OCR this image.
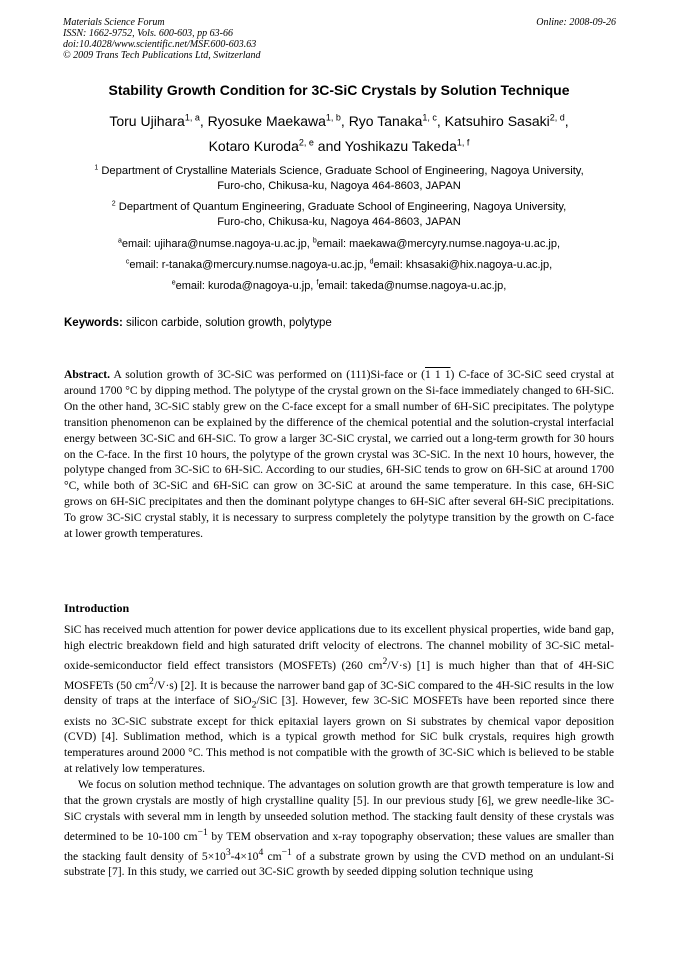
Materials Science Forum
ISSN: 1662-9752, Vols. 600-603, pp 63-66
doi:10.4028/www.scientific.net/MSF.600-603.63
© 2009 Trans Tech Publications Ltd, Switzerland
Online: 2008-09-26
Stability Growth Condition for 3C-SiC Crystals by Solution Technique
Toru Ujihara$^{1, a}$, Ryosuke Maekawa$^{1, b}$, Ryo Tanaka$^{1, c}$, Katsuhiro Sasaki$^{2, d}$,
Kotaro Kuroda$^{2, e}$ and Yoshikazu Takeda$^{1, f}$
$^1$ Department of Crystalline Materials Science, Graduate School of Engineering, Nagoya University,
Furo-cho, Chikusa-ku, Nagoya 464-8603, JAPAN
$^2$ Department of Quantum Engineering, Graduate School of Engineering, Nagoya University,
Furo-cho, Chikusa-ku, Nagoya 464-8603, JAPAN
$^a$email: ujihara@numse.nagoya-u.ac.jp, $^b$email: maekawa@mercyry.numse.nagoya-u.ac.jp,
$^c$email: r-tanaka@mercury.numse.nagoya-u.ac.jp, $^d$email: khsasaki@hix.nagoya-u.ac.jp,
$^e$email: kuroda@nagoya-u.jp, $^f$email: takeda@numse.nagoya-u.ac.jp,
Keywords: silicon carbide, solution growth, polytype
Abstract. A solution growth of 3C-SiC was performed on (111)Si-face or (1 1 1) C-face of 3C-SiC seed crystal at around 1700 °C by dipping method. The polytype of the crystal grown on the Si-face immediately changed to 6H-SiC. On the other hand, 3C-SiC stably grew on the C-face except for a small number of 6H-SiC precipitates. The polytype transition phenomenon can be explained by the difference of the chemical potential and the solution-crystal interfacial energy between 3C-SiC and 6H-SiC. To grow a larger 3C-SiC crystal, we carried out a long-term growth for 30 hours on the C-face. In the first 10 hours, the polytype of the grown crystal was 3C-SiC. In the next 10 hours, however, the polytype changed from 3C-SiC to 6H-SiC. According to our studies, 6H-SiC tends to grow on 6H-SiC at around 1700 °C, while both of 3C-SiC and 6H-SiC can grow on 3C-SiC at around the same temperature. In this case, 6H-SiC grows on 6H-SiC precipitates and then the dominant polytype changes to 6H-SiC after several 6H-SiC precipitations. To grow 3C-SiC crystal stably, it is necessary to surpress completely the polytype transition by the growth on C-face at lower growth temperatures.
Introduction
SiC has received much attention for power device applications due to its excellent physical properties, wide band gap, high electric breakdown field and high saturated drift velocity of electrons. The channel mobility of 3C-SiC metal-oxide-semiconductor field effect transistors (MOSFETs) (260 $cm^2/V\cdot s$) [1] is much higher than that of 4H-SiC MOSFETs (50 $cm^2/V\cdot s$) [2]. It is because the narrower band gap of 3C-SiC compared to the 4H-SiC results in the low density of traps at the interface of SiO$_2$/SiC [3]. However, few 3C-SiC MOSFETs have been reported since there exists no 3C-SiC substrate except for thick epitaxial layers grown on Si substrates by chemical vapor deposition (CVD) [4]. Sublimation method, which is a typical growth method for SiC bulk crystals, requires high growth temperatures around 2000 °C. This method is not compatible with the growth of 3C-SiC which is believed to be stable at relatively low temperatures.
We focus on solution method technique. The advantages on solution growth are that growth temperature is low and that the grown crystals are mostly of high crystalline quality [5]. In our previous study [6], we grew needle-like 3C-SiC crystals with several mm in length by unseeded solution method. The stacking fault density of these crystals was determined to be 10-100 $cm^{-1}$ by TEM observation and x-ray topography observation; these values are smaller than the stacking fault density of $5\times 10^3-4\times 10^4$ $cm^{-1}$ of a substrate grown by using the CVD method on an undulant-Si substrate [7]. In this study, we carried out 3C-SiC growth by seeded dipping solution technique using
